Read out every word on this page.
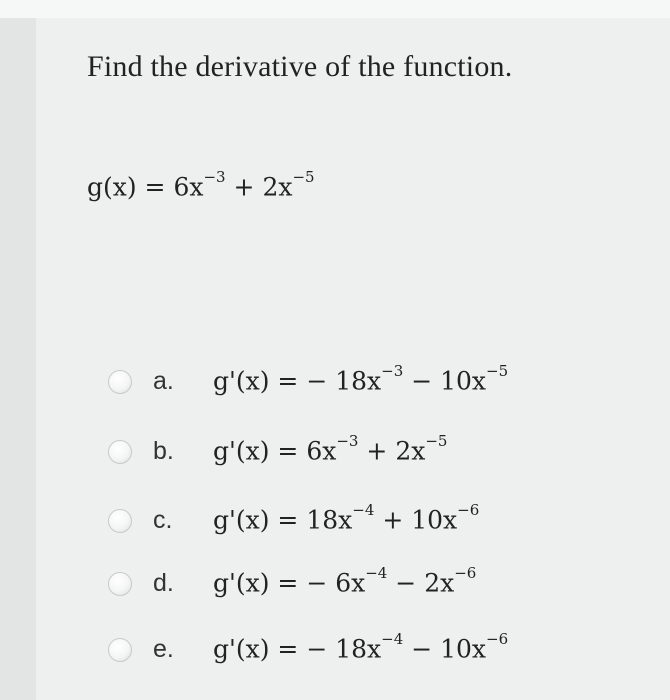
Find the derivative of the function.
$g(x) = 6x^{-3} + 2x^{-5}$
a. g'(x) = − $18x^{-3} - 10x^{-5}$
b. $g'(x) = 6x^{-3} + 2x^{-5}$
c. $g'(x) = 18x^{-4} + 10x^{-6}$
d. g'(x) = − $6x^{-4} - 2x^{-6}$
e. g'(x) = − $18x^{-4} - 10x^{-6}$
